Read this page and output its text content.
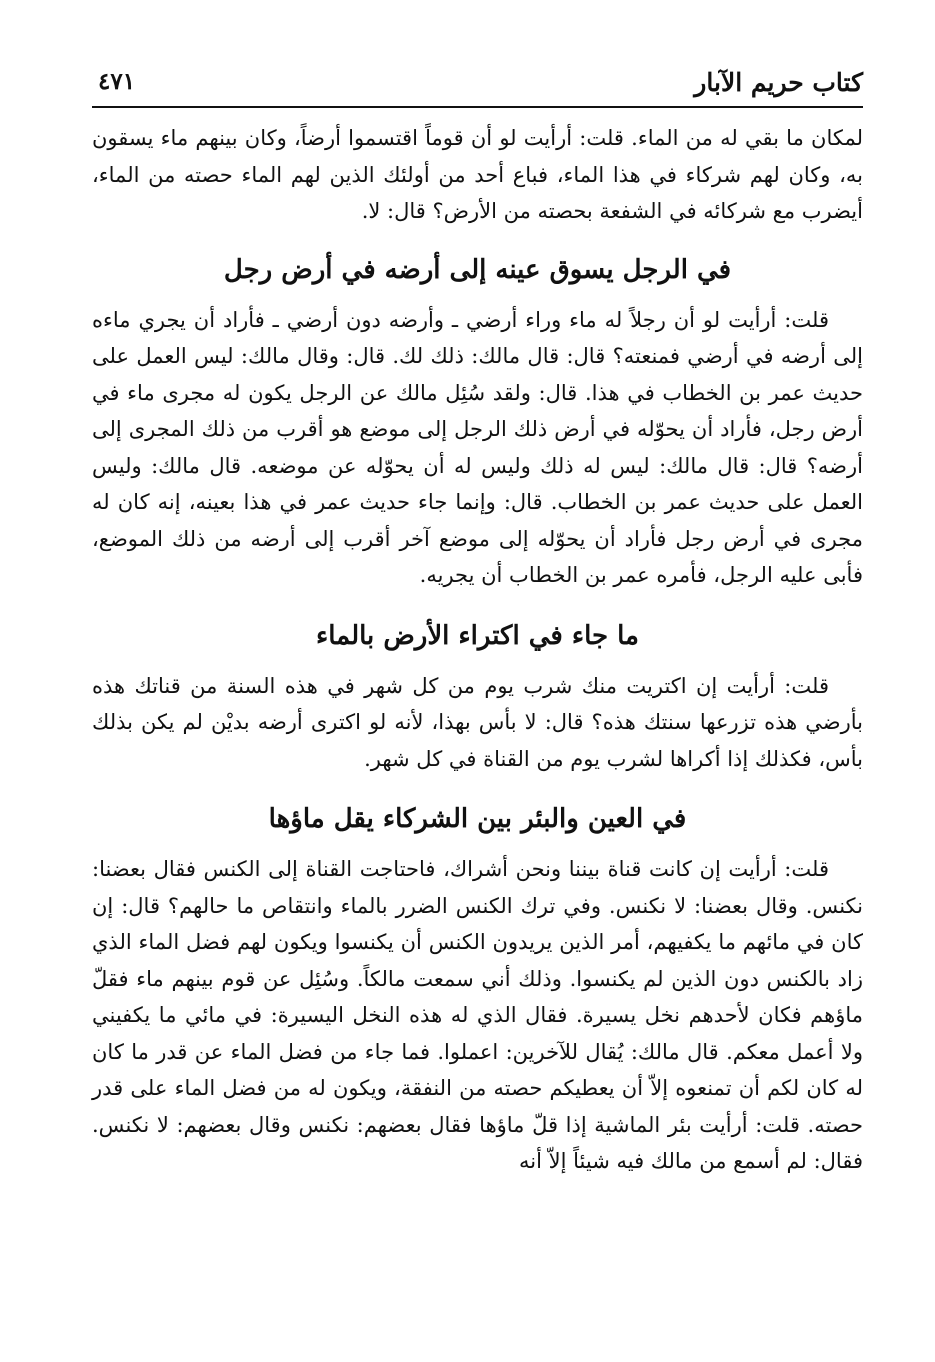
كتاب حريم الآبار
٤٧١

لمكان ما بقي له من الماء. قلت: أرأيت لو أن قوماً اقتسموا أرضاً، وكان بينهم ماء يسقون به، وكان لهم شركاء في هذا الماء، فباع أحد من أولئك الذين لهم الماء حصته من الماء، أيضرب مع شركائه في الشفعة بحصته من الأرض؟ قال: لا.

في الرجل يسوق عينه إلى أرضه في أرض رجل

قلت: أرأيت لو أن رجلاً له ماء وراء أرضي ـ وأرضه دون أرضي ـ فأراد أن يجري ماءه إلى أرضه في أرضي فمنعته؟ قال: قال مالك: ذلك لك. قال: وقال مالك: ليس العمل على حديث عمر بن الخطاب في هذا. قال: ولقد سُئِل مالك عن الرجل يكون له مجرى ماء في أرض رجل، فأراد أن يحوّله في أرض ذلك الرجل إلى موضع هو أقرب من ذلك المجرى إلى أرضه؟ قال: قال مالك: ليس له ذلك وليس له أن يحوّله عن موضعه. قال مالك: وليس العمل على حديث عمر بن الخطاب. قال: وإنما جاء حديث عمر في هذا بعينه، إنه كان له مجرى في أرض رجل فأراد أن يحوّله إلى موضع آخر أقرب إلى أرضه من ذلك الموضع، فأبى عليه الرجل، فأمره عمر بن الخطاب أن يجريه.

ما جاء في اكتراء الأرض بالماء

قلت: أرأيت إن اكتريت منك شرب يوم من كل شهر في هذه السنة من قناتك هذه بأرضي هذه تزرعها سنتك هذه؟ قال: لا بأس بهذا، لأنه لو اكترى أرضه بديْن لم يكن بذلك بأس، فكذلك إذا أكراها لشرب يوم من القناة في كل شهر.

في العين والبئر بين الشركاء يقل ماؤها

قلت: أرأيت إن كانت قناة بيننا ونحن أشراك، فاحتاجت القناة إلى الكنس فقال بعضنا: نكنس. وقال بعضنا: لا نكنس. وفي ترك الكنس الضرر بالماء وانتقاص ما حالهم؟ قال: إن كان في مائهم ما يكفيهم، أمر الذين يريدون الكنس أن يكنسوا ويكون لهم فضل الماء الذي زاد بالكنس دون الذين لم يكنسوا. وذلك أني سمعت مالكاً. وسُئِل عن قوم بينهم ماء فقلّ ماؤهم فكان لأحدهم نخل يسيرة. فقال الذي له هذه النخل اليسيرة: في مائي ما يكفيني ولا أعمل معكم. قال مالك: يُقال للآخرين: اعملوا. فما جاء من فضل الماء عن قدر ما كان له كان لكم أن تمنعوه إلاّ أن يعطيكم حصته من النفقة، ويكون له من فضل الماء على قدر حصته. قلت: أرأيت بئر الماشية إذا قلّ ماؤها فقال بعضهم: نكنس وقال بعضهم: لا نكنس. فقال: لم أسمع من مالك فيه شيئاً إلاّ أنه
